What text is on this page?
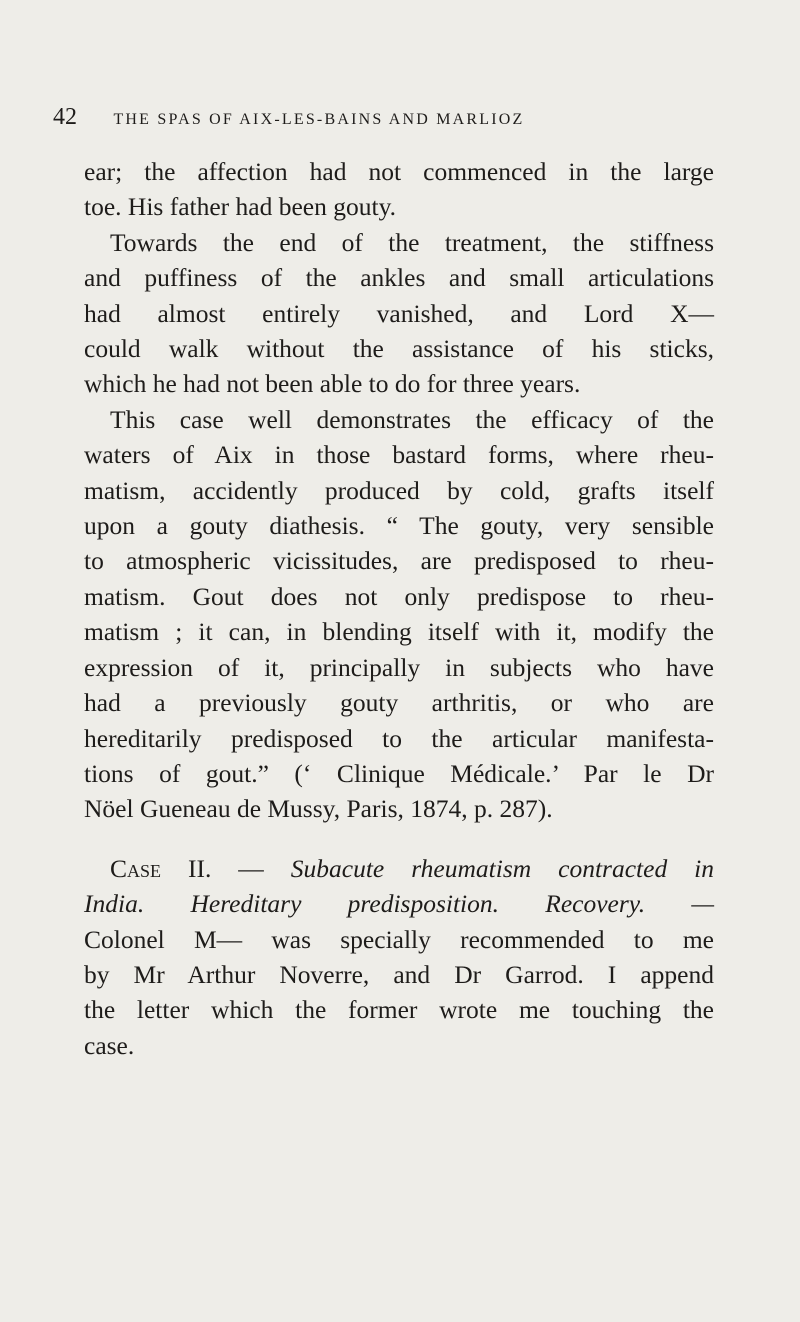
42 THE SPAS OF AIX-LES-BAINS AND MARLIOZ
ear; the affection had not commenced in the large
toe. His father had been gouty.
Towards the end of the treatment, the stiffness
and puffiness of the ankles and small articulations
had almost entirely vanished, and Lord X—
could walk without the assistance of his sticks,
which he had not been able to do for three years.
This case well demonstrates the efficacy of the
waters of Aix in those bastard forms, where rheu-
matism, accidently produced by cold, grafts itself
upon a gouty diathesis. “ The gouty, very sensible
to atmospheric vicissitudes, are predisposed to rheu-
matism. Gout does not only predispose to rheu-
matism ; it can, in blending itself with it, modify the
expression of it, principally in subjects who have
had a previously gouty arthritis, or who are
hereditarily predisposed to the articular manifesta-
tions of gout.” (‘ Clinique Médicale.’ Par le Dr
Nöel Gueneau de Mussy, Paris, 1874, p. 287).
Case II. — Subacute rheumatism contracted in
India. Hereditary predisposition. Recovery. —
Colonel M— was specially recommended to me
by Mr Arthur Noverre, and Dr Garrod. I append
the letter which the former wrote me touching the
case.
